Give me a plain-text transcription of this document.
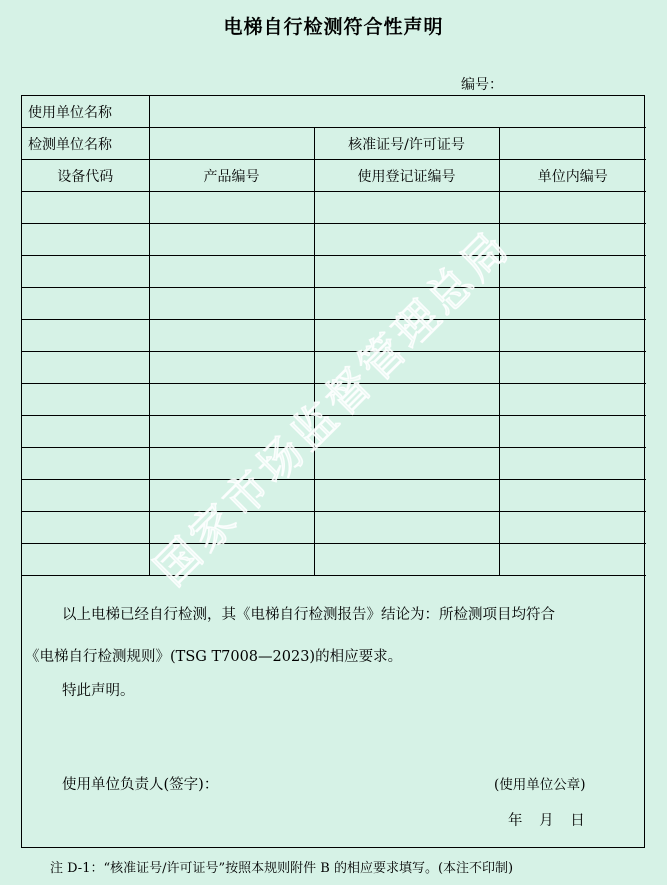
电梯自行检测符合性声明
编号：
使用单位名称			
检测单位名称		核准证号/许可证号	
设备代码	产品编号	使用登记证编号	单位内编号

以上电梯已经自行检测，其《电梯自行检测报告》结论为：所检测项目均符合
《电梯自行检测规则》(TSG T7008—2023)的相应要求。
特此声明。
使用单位负责人(签字)：	(使用单位公章)
年 月 日
注 D-1：“核准证号/许可证号”按照本规则附件 B 的相应要求填写。(本注不印制)
国家市场监督管理总局
